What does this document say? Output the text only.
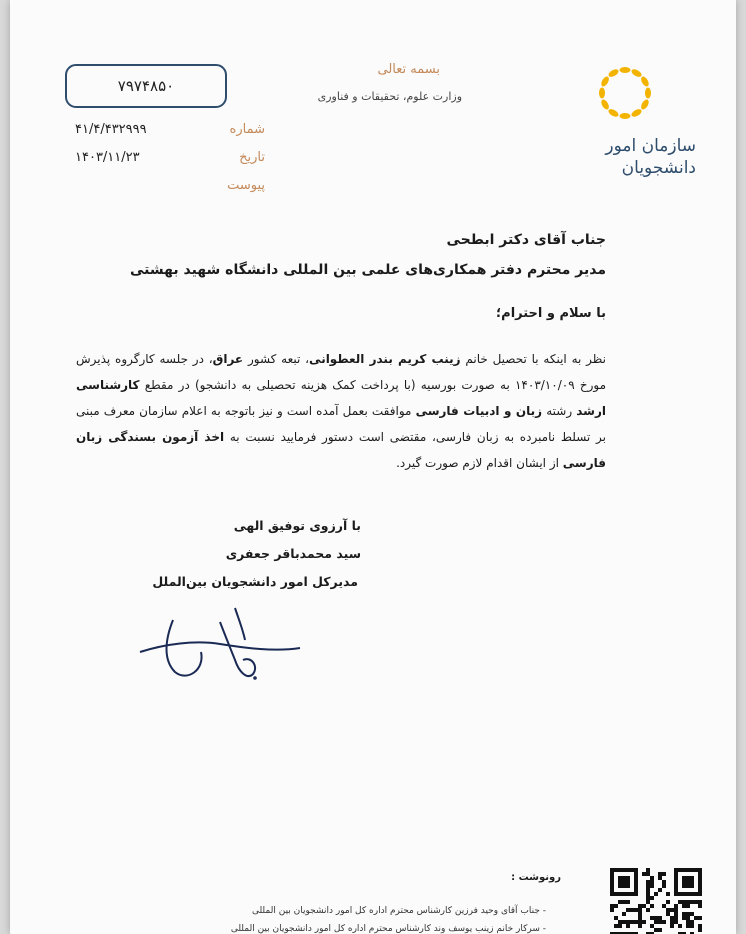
۷۹۷۴۸۵۰
شماره
۴۱/۴/۴۳۲۹۹۹
تاریخ
۱۴۰۳/۱۱/۲۳
پیوست
بسمه تعالی
وزارت علوم، تحقیقات و فناوری
سازمان امور
دانشجویان
جناب آقای دکتر ابطحی
مدیر محترم دفتر همکاری‌های علمی بین المللی دانشگاه شهید بهشتی
با سلام و احترام؛
نظر به اینکه با تحصیل خانم زینب کریم بندر العطوانی، تبعه کشور عراق، در جلسه کارگروه پذیرش مورخ ۱۴۰۳/۱۰/۰۹ به صورت بورسیه (با پرداخت کمک هزینه تحصیلی به دانشجو) در مقطع کارشناسی ارشد رشته زبان و ادبیات فارسی موافقت بعمل آمده است و نیز باتوجه به اعلام سازمان معرف مبنی بر تسلط نامبرده به زبان فارسی، مقتضی است دستور فرمایید نسبت به اخذ آزمون بسندگی زبان فارسی از ایشان اقدام لازم صورت گیرد.
با آرزوی توفیق الهی
سید محمدباقر جعفری
مدیرکل امور دانشجویان بین‌الملل
رونوشت :
- جناب آقای وحید فرزین کارشناس محترم اداره کل امور دانشجویان بین المللی
- سرکار خانم زینب یوسف وند کارشناس محترم اداره کل امور دانشجویان بین المللی
